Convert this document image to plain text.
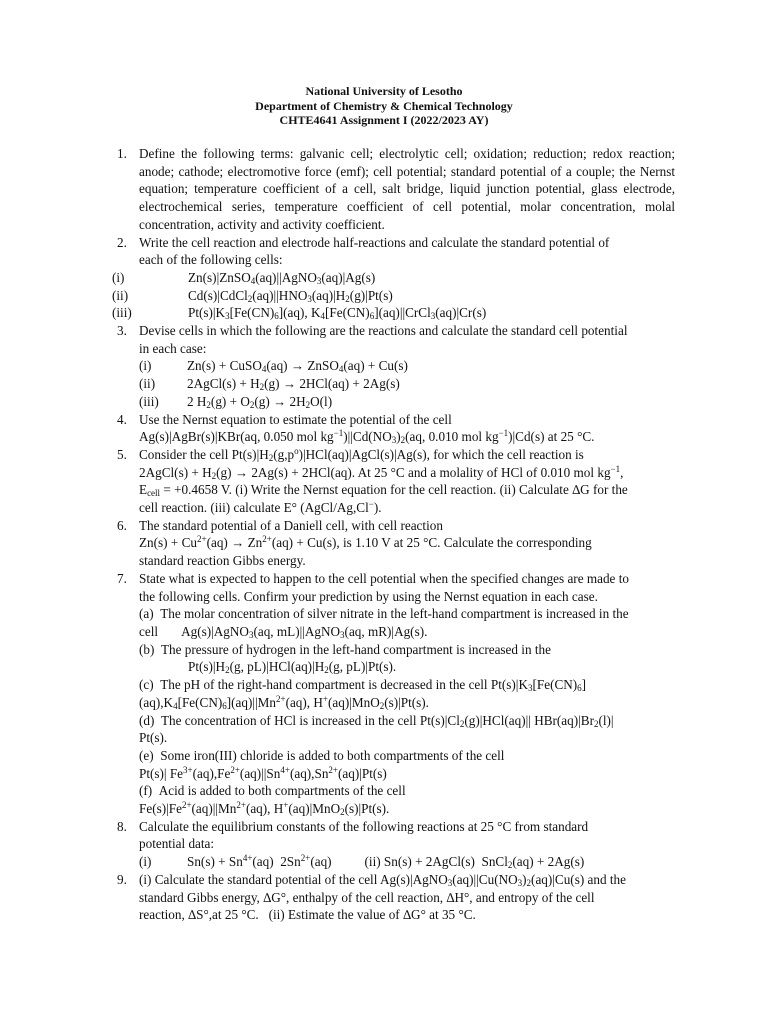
National University of Lesotho
Department of Chemistry & Chemical Technology
CHTE4641 Assignment I (2022/2023 AY)
1. Define the following terms: galvanic cell; electrolytic cell; oxidation; reduction; redox reaction; anode; cathode; electromotive force (emf); cell potential; standard potential of a couple; the Nernst equation; temperature coefficient of a cell, salt bridge, liquid junction potential, glass electrode, electrochemical series, temperature coefficient of cell potential, molar concentration, molal concentration, activity and activity coefficient.
2. Write the cell reaction and electrode half-reactions and calculate the standard potential of
each of the following cells:
(i)	Zn(s)|ZnSO$_4$(aq)||AgNO$_3$(aq)|Ag(s)

(ii)	$Cd(s)|CdCl_2(aq)||HNO_3(aq)|H_2(g)|Pt(s)$

(iii)	$Pt(s)|K_3[Fe(CN)_6](aq)$, $K_4[Fe(CN)_6](aq)||CrCl_3(aq)|Cr(s)$

3. Devise cells in which the following are the reactions and calculate the standard cell potential
in each case:
(i)	Zn(s) + CuSO$_4$(aq) → ZnSO$_4$(aq) + Cu(s)

(ii) 2AgCl(s) + $H_2(g) \to 2HCl(aq) + 2Ag(s)$

(iii) 2 $H_2(g) + O_2(g) \to 2H_2O(l)$

4. Use the Nernst equation to estimate the potential of the cell
Ag(s)|AgBr(s)|KBr(aq, 0.050 mol $kg^{-1})||Cd(NO_3)_2(aq$, 0.010 mol $kg^{-1})|Cd(s)$ at 25 °C.
5. Consider the cell $Pt(s)|H_2(g,p^o)|HCl(aq)|AgCl(s)|Ag(s)$, for which the cell reaction is
2AgCl(s) + $H_2(g) \to 2Ag(s) + 2HCl(aq)$. At 25 °C and a molality of HCl of 0.010 mol $kg^{-1}$,
$E_{cell} = +0.4658$ V. (i) Write the Nernst equation for the cell reaction. (ii) Calculate ∆G for the
cell reaction. (iii) calculate E° (AgCl/Ag,Cl−).
6. The standard potential of a Daniell cell, with cell reaction
$Zn(s) + Cu^{2+}(aq) \to Zn^{2+}(aq) + Cu(s)$, is 1.10 V at 25 °C. Calculate the corresponding
standard reaction Gibbs energy.
7. State what is expected to happen to the cell potential when the specified changes are made to
the following cells. Confirm your prediction by using the Nernst equation in each case.
(a)  The molar concentration of silver nitrate in the left-hand compartment is increased in the
cell       Ag(s)|AgNO$_3$(aq, mL)||AgNO$_3$(aq, mR)|Ag(s).
(b)  The pressure of hydrogen in the left-hand compartment is increased in the
$Pt(s)|H_2(g$, $pL)|HCl(aq)|H_2(g$, pL)|Pt(s).
(c)  The pH of the right-hand compartment is decreased in the cell $Pt(s)|K_3[Fe(CN)_6]$
$(aq),K_4[Fe(CN)_6](aq)||Mn^{2+}(aq)$, H+(aq)|MnO$_2$(s)|Pt(s).
(d)  The concentration of HCl is increased in the cell $Pt(s)|Cl_2(g)|HCl(aq)||$ $HBr(aq)|Br_2(l)|$
Pt(s).
(e)  Some iron(III) chloride is added to both compartments of the cell
Pt(s)| $Fe^{3+}(aq),Fe^{2+}(aq)||Sn^{4+}(aq),Sn^{2+}(aq)|Pt(s)$
(f)  Acid is added to both compartments of the cell
$Fe(s)|Fe^{2+}(aq)||Mn^{2+}(aq)$, H+(aq)|MnO$_2$(s)|Pt(s).
8. Calculate the equilibrium constants of the following reactions at 25 °C from standard
potential data:
(i)	$Sn(s) + Sn^{4+}(aq)$  $2Sn^{2+}(aq)$          (ii) Sn(s) + 2AgCl(s)  SnCl$_2$(aq) + 2Ag(s)

9. (i) Calculate the standard potential of the cell $Ag(s)|AgNO_3(aq)||Cu(NO_3)_2(aq)|Cu(s)$ and the
standard Gibbs energy, ∆G°, enthalpy of the cell reaction, ∆H°, and entropy of the cell
reaction, ∆S°,at 25 °C.   (ii) Estimate the value of ∆G° at 35 °C.
